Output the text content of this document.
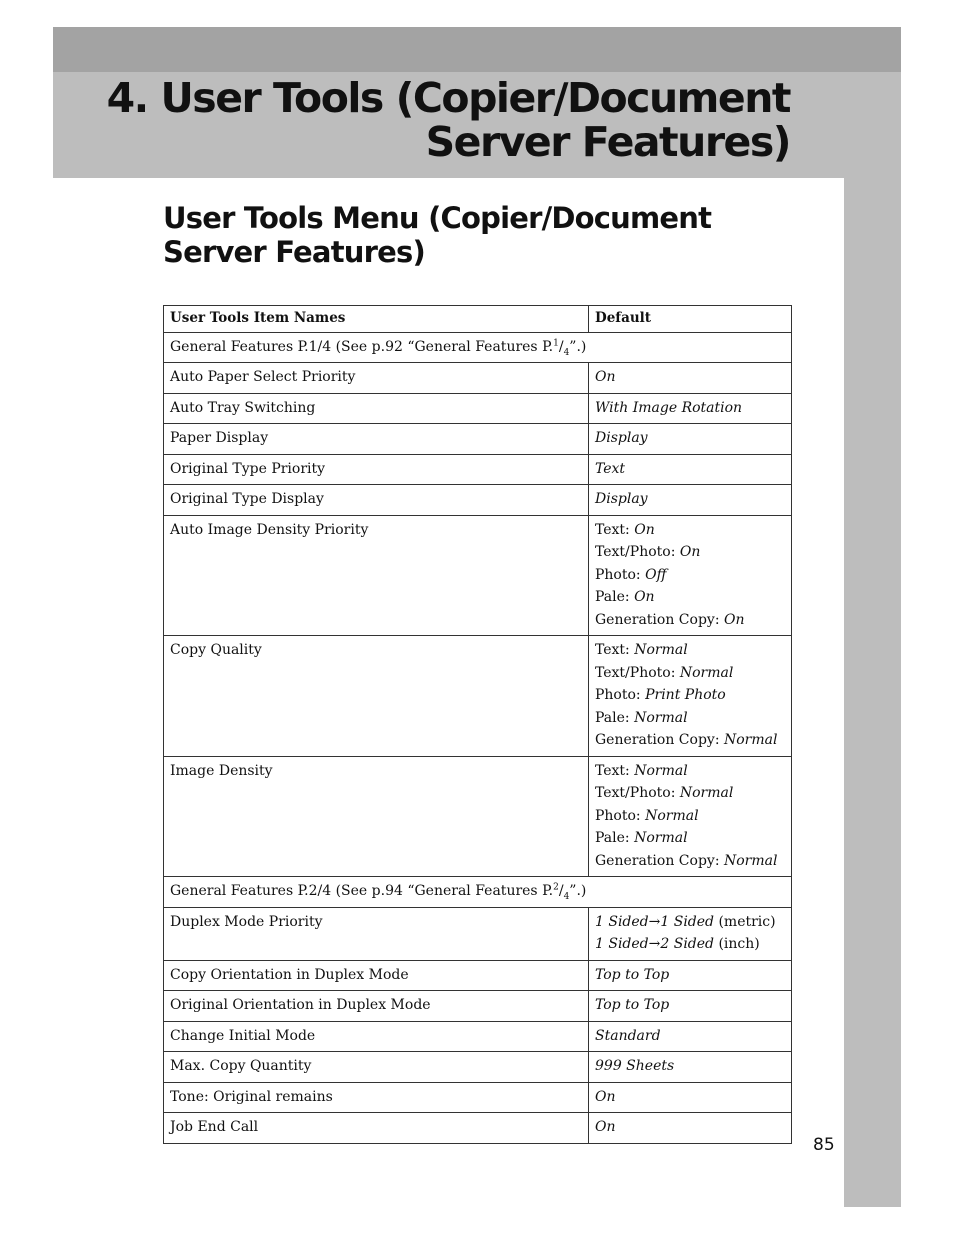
4. User Tools (Copier/Document
Server Features)
User Tools Menu (Copier/Document
Server Features)
User Tools Item Names	Default
General Features P.1/4 (See p.92 “General Features $P.^1/_4$”.)	
Auto Paper Select Priority	On
Auto Tray Switching	With Image Rotation
Paper Display	Display
Original Type Priority	Text
Original Type Display	Display
Auto Image Density Priority	Text: On
Text/Photo: On
Photo: Off
Pale: On
Generation Copy: On

Copy Quality	Text: Normal
Text/Photo: Normal
Photo: Print Photo
Pale: Normal
Generation Copy: Normal

Image Density	Text: Normal
Text/Photo: Normal
Photo: Normal
Pale: Normal
Generation Copy: Normal

General Features P.2/4 (See p.94 “General Features $P.^2/_4$”.)	
Duplex Mode Priority	1 Sided→1 Sided (metric)
1 Sided→2 Sided (inch)

Copy Orientation in Duplex Mode	Top to Top
Original Orientation in Duplex Mode	Top to Top
Change Initial Mode	Standard
Max. Copy Quantity	999 Sheets
Tone: Original remains	On
Job End Call	On

85
